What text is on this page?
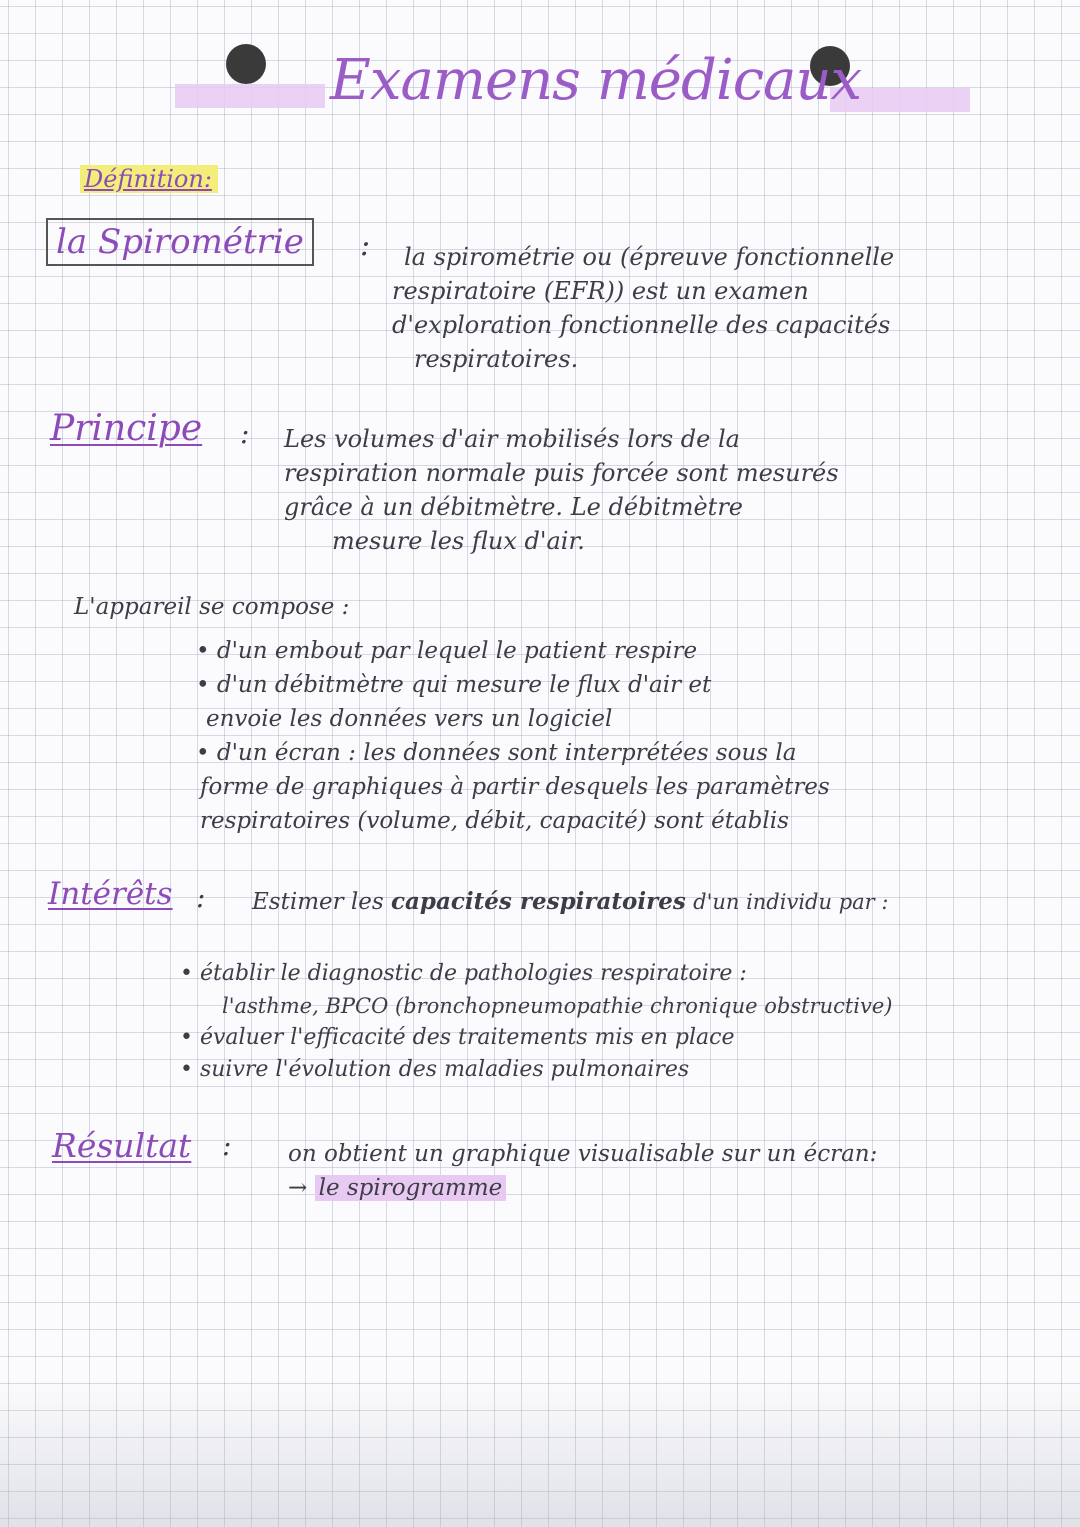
Examens médicaux
Définition:
la Spirométrie	: la spirométrie ou (épreuve fonctionnelle
respiratoire (EFR)) est un examen
d'exploration fonctionnelle des capacités
respiratoires.
Principe : Les volumes d'air mobilisés lors de la
respiration normale puis forcée sont mesurés
grâce à un débitmètre. Le débitmètre
mesure les flux d'air.
L'appareil se compose :
• d'un embout par lequel le patient respire
• d'un débitmètre qui mesure le flux d'air et
envoie les données vers un logiciel
• d'un écran : les données sont interprétées sous la
forme de graphiques à partir desquels les paramètres
respiratoires (volume, débit, capacité) sont établis
Intérêts : Estimer les capacités respiratoires d'un individu par :
• établir le diagnostic de pathologies respiratoire :
l'asthme, BPCO (bronchopneumopathie chronique obstructive)
• évaluer l'efficacité des traitements mis en place
• suivre l'évolution des maladies pulmonaires
Résultat : on obtient un graphique visualisable sur un écran:
→ le spirogramme
